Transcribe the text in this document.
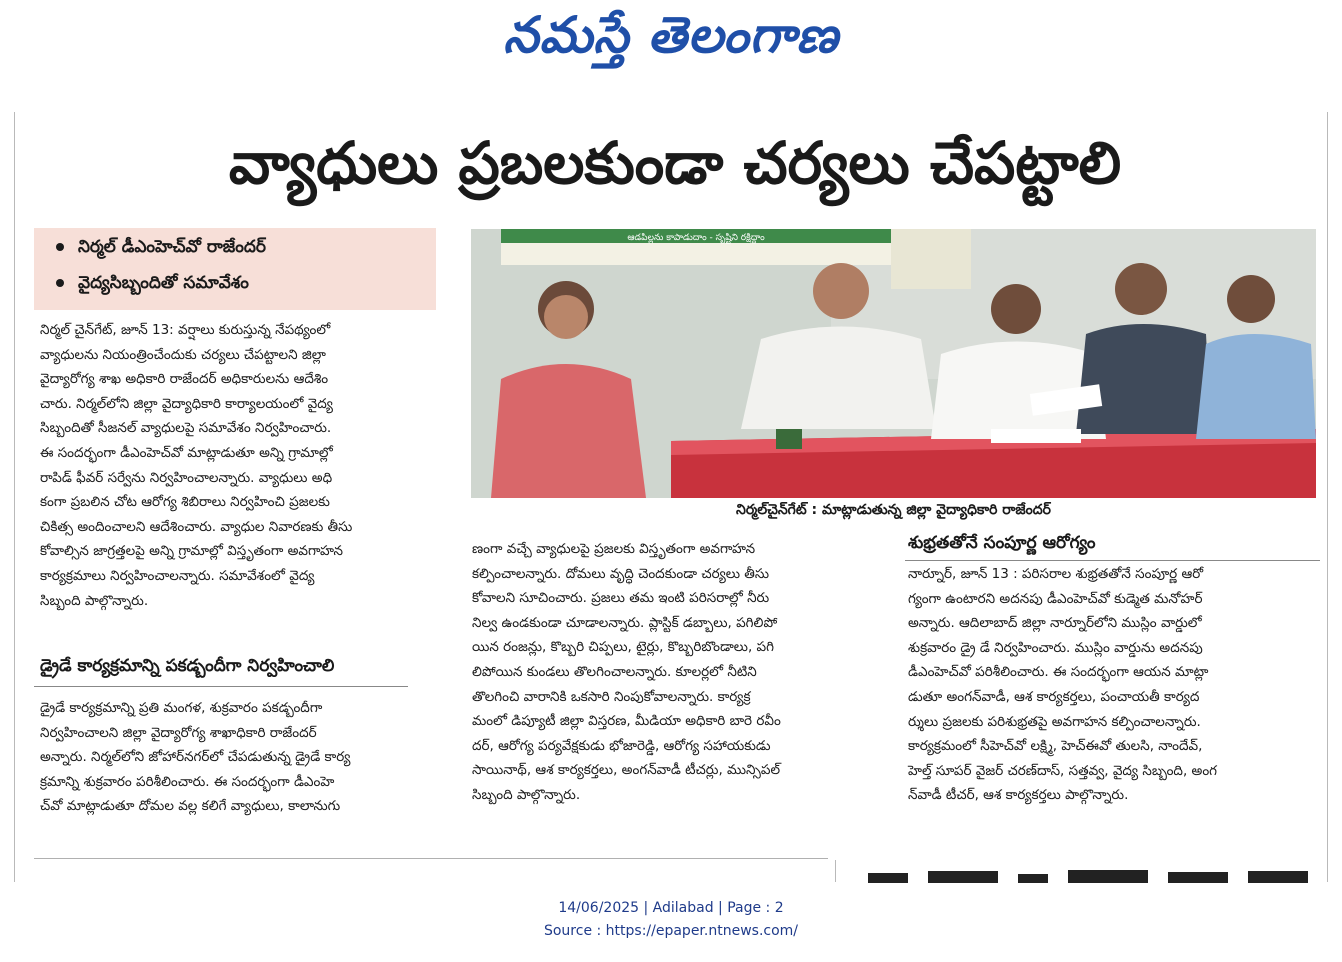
నమస్తే తెలంగాణ
వ్యాధులు ప్రబలకుండా చర్యలు చేపట్టాలి
నిర్మల్ డీఎంహెచ్‌వో రాజేందర్
వైద్యసిబ్బందితో సమావేశం
ఆడపిల్లను కాపాడుదాం - సృష్టిని రక్షిద్దాం
నిర్మల్‌చైన్‌గేట్ : మాట్లాడుతున్న జిల్లా వైద్యాధికారి రాజేందర్

నిర్మల్ చైన్‌గేట్, జూన్ 13: వర్షాలు కురుస్తున్న నేపథ్యంలో

వ్యాధులను నియంత్రించేందుకు చర్యలు చేపట్టాలని జిల్లా

వైద్యారోగ్య శాఖ అధికారి రాజేందర్ అధికారులను ఆదేశిం

చారు. నిర్మల్‌లోని జిల్లా వైద్యాధికారి కార్యాలయంలో వైద్య

సిబ్బందితో సీజనల్ వ్యాధులపై సమావేశం నిర్వహించారు.

ఈ సందర్భంగా డీఎంహెచ్‌వో మాట్లాడుతూ అన్ని గ్రామాల్లో

రాపిడ్ ఫీవర్ సర్వేను నిర్వహించాలన్నారు. వ్యాధులు అధి

కంగా ప్రబలిన చోట ఆరోగ్య శిబిరాలు నిర్వహించి ప్రజలకు

చికిత్స అందించాలని ఆదేశించారు. వ్యాధుల నివారణకు తీసు

కోవాల్సిన జాగ్రత్తలపై అన్ని గ్రామాల్లో విస్తృతంగా అవగాహన

కార్యక్రమాలు నిర్వహించాలన్నారు. సమావేశంలో వైద్య

సిబ్బంది పాల్గొన్నారు.

డ్రైడే కార్యక్రమాన్ని పకడ్బందీగా నిర్వహించాలి

డ్రైడే కార్యక్రమాన్ని ప్రతి మంగళ, శుక్రవారం పకడ్బందీగా

నిర్వహించాలని జిల్లా వైద్యారోగ్య శాఖాధికారి రాజేందర్

అన్నారు. నిర్మల్‌లోని జోహార్‌నగర్‌లో చేపడుతున్న డ్రైడే కార్య

క్రమాన్ని శుక్రవారం పరిశీలించారు. ఈ సందర్భంగా డీఎంహె

చ్‌వో మాట్లాడుతూ దోమల వల్ల కలిగే వ్యాధులు, కాలానుగు

ణంగా వచ్చే వ్యాధులపై ప్రజలకు విస్తృతంగా అవగాహన

కల్పించాలన్నారు. దోమలు వృద్ధి చెందకుండా చర్యలు తీసు

కోవాలని సూచించారు. ప్రజలు తమ ఇంటి పరిసరాల్లో నీరు

నిల్వ ఉండకుండా చూడాలన్నారు. ప్లాస్టిక్ డబ్బాలు, పగిలిపో

యిన రంజన్లు, కొబ్బరి చిప్పలు, టైర్లు, కొబ్బరిబొండాలు, పగి

లిపోయిన కుండలు తొలగించాలన్నారు. కూలర్లలో నీటిని

తొలగించి వారానికి ఒకసారి నింపుకోవాలన్నారు. కార్యక్ర

మంలో డిప్యూటీ జిల్లా విస్తరణ, మీడియా అధికారి బారె రవీం

దర్, ఆరోగ్య పర్యవేక్షకుడు భోజారెడ్డి, ఆరోగ్య సహాయకుడు

సాయినాథ్, ఆశ కార్యకర్తలు, అంగన్‌వాడీ టీచర్లు, మున్సిపల్

సిబ్బంది పాల్గొన్నారు.

శుభ్రతతోనే సంపూర్ణ ఆరోగ్యం

నార్నూర్, జూన్ 13 : పరిసరాల శుభ్రతతోనే సంపూర్ణ ఆరో

గ్యంగా ఉంటారని అదనపు డీఎంహెచ్‌వో కుడ్మెత మనోహర్

అన్నారు. ఆదిలాబాద్ జిల్లా నార్నూర్‌లోని ముస్లిం వార్డులో

శుక్రవారం డ్రై డే నిర్వహించారు. ముస్లిం వార్డును అదనపు

డీఎంహెచ్‌వో పరిశీలించారు. ఈ సందర్భంగా ఆయన మాట్లా

డుతూ అంగన్‌వాడీ, ఆశ కార్యకర్తలు, పంచాయతీ కార్యద

ర్శులు ప్రజలకు పరిశుభ్రతపై అవగాహన కల్పించాలన్నారు.

కార్యక్రమంలో సీహెచ్‌వో లక్ష్మి, హెచ్‌ఈవో తులసి, నాందేవ్,

హెల్త్ సూపర్ వైజర్ చరణ్‌దాస్, సత్తవ్వ, వైద్య సిబ్బంది, అంగ

న్‌వాడీ టీచర్, ఆశ కార్యకర్తలు పాల్గొన్నారు.

14/06/2025 | Adilabad | Page : 2
Source : https://epaper.ntnews.com/
